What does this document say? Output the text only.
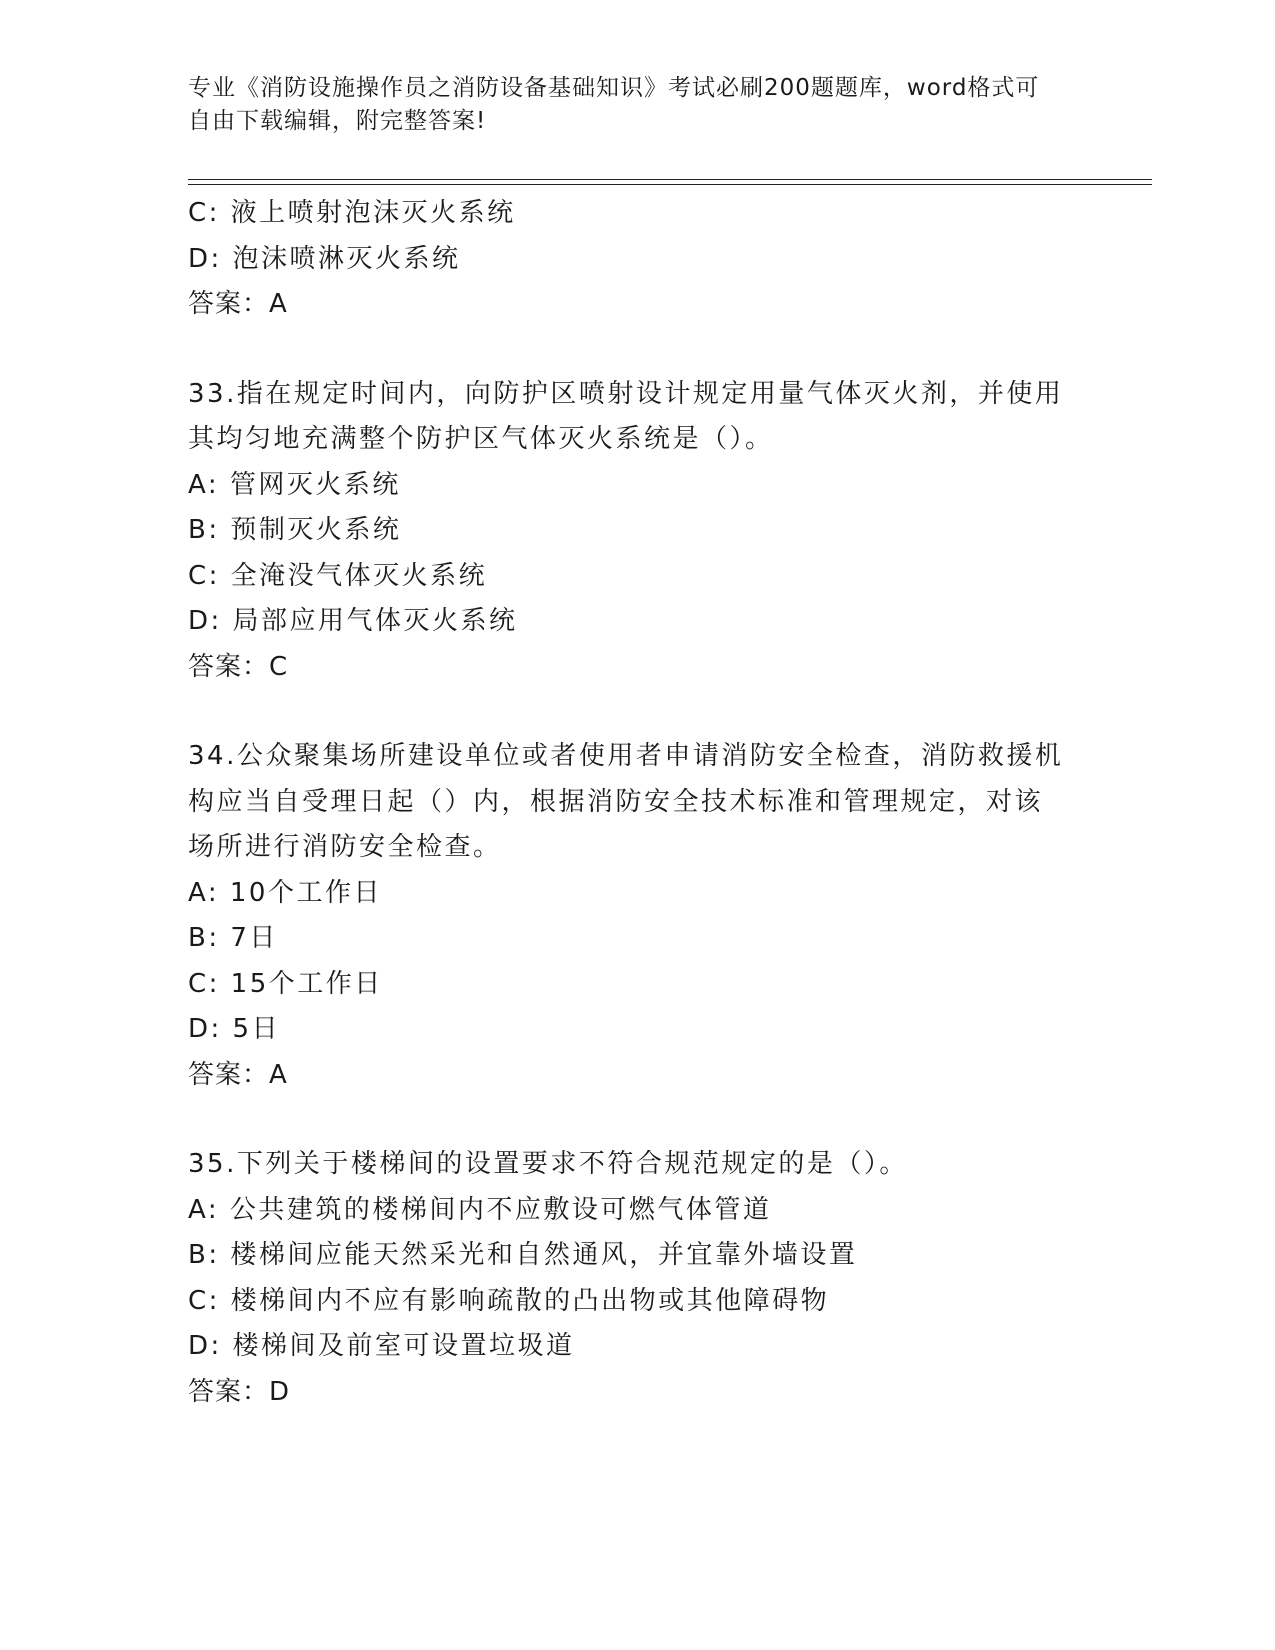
专业《消防设施操作员之消防设备基础知识》考试必刷200题题库，word格式可
自由下载编辑，附完整答案!
C: 液上喷射泡沫灭火系统
D: 泡沫喷淋灭火系统
答案：A
33.指在规定时间内，向防护区喷射设计规定用量气体灭火剂，并使用
其均匀地充满整个防护区气体灭火系统是（）。
A: 管网灭火系统
B: 预制灭火系统
C: 全淹没气体灭火系统
D: 局部应用气体灭火系统
答案：C
34.公众聚集场所建设单位或者使用者申请消防安全检查，消防救援机
构应当自受理日起（）内，根据消防安全技术标准和管理规定，对该
场所进行消防安全检查。
A: 10个工作日
B: 7日
C: 15个工作日
D: 5日
答案：A
35.下列关于楼梯间的设置要求不符合规范规定的是（）。
A: 公共建筑的楼梯间内不应敷设可燃气体管道
B: 楼梯间应能天然采光和自然通风，并宜靠外墙设置
C: 楼梯间内不应有影响疏散的凸出物或其他障碍物
D: 楼梯间及前室可设置垃圾道
答案：D
